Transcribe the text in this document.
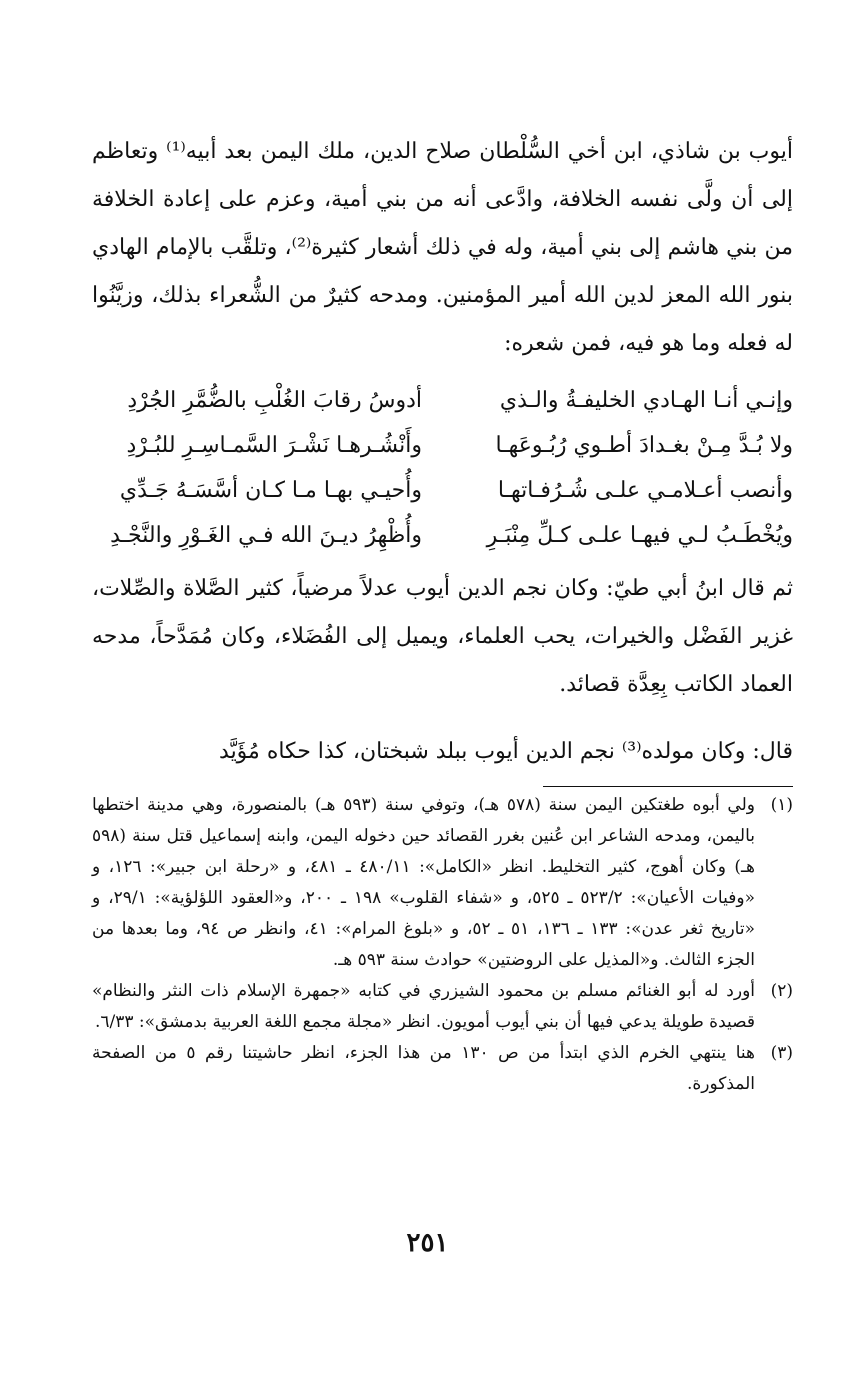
أيوب بن شاذي، ابن أخي السُّلْطان صلاح الدين، ملك اليمن بعد أبيه⁽¹⁾ وتعاظم إلى أن ولَّى نفسه الخلافة، وادَّعى أنه من بني أمية، وعزم على إعادة الخلافة من بني هاشم إلى بني أمية، وله في ذلك أشعار كثيرة⁽²⁾، وتلقَّب بالإمام الهادي بنور الله المعز لدين الله أمير المؤمنين. ومدحه كثيرٌ من الشُّعراء بذلك، وزيَّنُوا له فعله وما هو فيه، فمن شعره:
وإنـي أنـا الهـادي الخليفـةُ والـذي
أدوسُ رقابَ الغُلْبِ بالضُّمَّرِ الجُرْدِ
ولا بُـدَّ مِـنْ بغـدادَ أطـوي رُبُـوعَهـا
وأَنْشُـرهـا نَشْـرَ السَّمـاسِـرِ للبُـرْدِ
وأنصب أعـلامـي علـى شُـرُفـاتهـا
وأُحيـي بهـا مـا كـان أسَّسَـهُ جَـدِّي
ويُخْطَـبُ لـي فيهـا علـى كـلِّ مِنْبَـرِ
وأُظْهِرُ ديـنَ الله فـي الغَـوْرِ والنَّجْـدِ
ثم قال ابنُ أبي طيّ: وكان نجم الدين أيوب عدلاً مرضياً، كثير الصَّلاة والصِّلات، غزير الفَضْل والخيرات، يحب العلماء، ويميل إلى الفُضَلاء، وكان مُمَدَّحاً، مدحه العماد الكاتب بِعِدَّة قصائد.
قال: وكان مولده⁽³⁾ نجم الدين أيوب ببلد شبختان، كذا حكاه مُؤَيَّد
(١)
ولي أبوه طغتكين اليمن سنة (٥٧٨ هـ)، وتوفي سنة (٥٩٣ هـ) بالمنصورة، وهي مدينة اختطها باليمن، ومدحه الشاعر ابن عُنين بغرر القصائد حين دخوله اليمن، وابنه إسماعيل قتل سنة (٥٩٨ هـ) وكان أهوج، كثير التخليط. انظر «الكامل»: ٤٨٠/١١ ـ ٤٨١، و «رحلة ابن جبير»: ١٢٦، و «وفيات الأعيان»: ٥٢٣/٢ ـ ٥٢٥، و «شفاء القلوب» ١٩٨ ـ ٢٠٠، و«العقود اللؤلؤية»: ٢٩/١، و «تاريخ ثغر عدن»: ١٣٣ ـ ١٣٦، ٥١ ـ ٥٢، و «بلوغ المرام»: ٤١، وانظر ص ٩٤، وما بعدها من الجزء الثالث. و«المذيل على الروضتين» حوادث سنة ٥٩٣ هـ.
(٢)
أورد له أبو الغنائم مسلم بن محمود الشيزري في كتابه «جمهرة الإسلام ذات النثر والنظام» قصيدة طويلة يدعي فيها أن بني أيوب أمويون. انظر «مجلة مجمع اللغة العربية بدمشق»: ٦/٣٣.
(٣)
هنا ينتهي الخرم الذي ابتدأ من ص ١٣٠ من هذا الجزء، انظر حاشيتنا رقم ٥ من الصفحة المذكورة.
٢٥١
